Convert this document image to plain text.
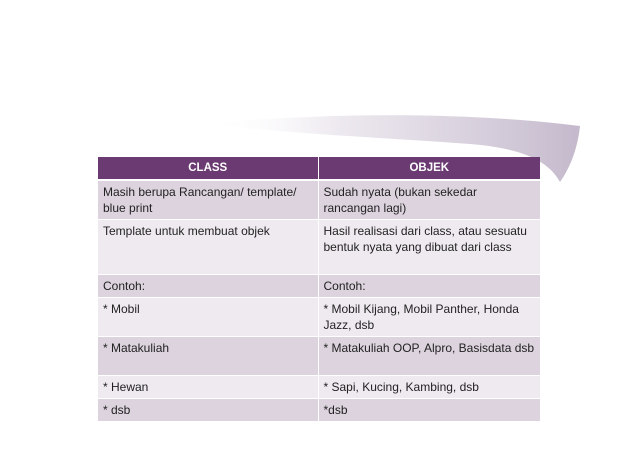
CLASS	OBJEK
Masih berupa Rancangan/ template/ blue print	Sudah nyata (bukan sekedar rancangan lagi)
Template untuk membuat objek	Hasil realisasi dari class, atau sesuatu bentuk nyata yang dibuat dari class
Contoh:	Contoh:
* Mobil	* Mobil Kijang, Mobil Panther, Honda Jazz, dsb
* Matakuliah	* Matakuliah OOP, Alpro, Basisdata dsb
* Hewan	* Sapi, Kucing, Kambing, dsb
* dsb	*dsb
